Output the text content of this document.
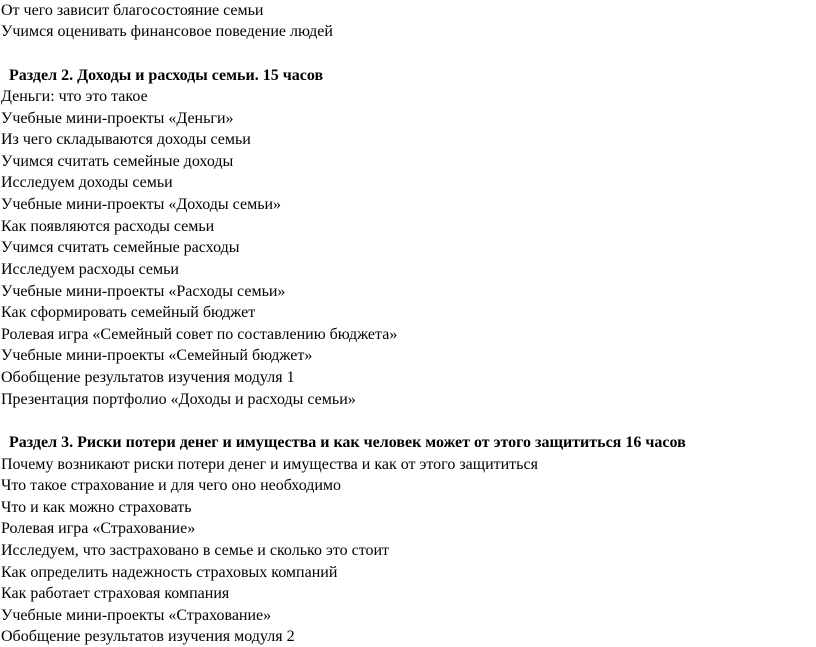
От чего зависит благосостояние семьи

Учимся оценивать финансовое поведение людей

Раздел 2. Доходы и расходы семьи. 15 часов

Деньги: что это такое

Учебные мини-проекты «Деньги»

Из чего складываются доходы семьи

Учимся считать семейные доходы

Исследуем доходы семьи

Учебные мини-проекты «Доходы семьи»

Как появляются расходы семьи

Учимся считать семейные расходы

Исследуем расходы семьи

Учебные мини-проекты «Расходы семьи»

Как сформировать семейный бюджет

Ролевая игра «Семейный совет по составлению бюджета»

Учебные мини-проекты «Семейный бюджет»

Обобщение результатов изучения модуля 1

Презентация портфолио «Доходы и расходы семьи»

Раздел 3. Риски потери денег и имущества и как человек может от этого защититься 16 часов

Почему возникают риски потери денег и имущества и как от этого защититься

Что такое страхование и для чего оно необходимо

Что и как можно страховать

Ролевая игра «Страхование»

Исследуем, что застраховано в семье и сколько это стоит

Как определить надежность страховых компаний

Как работает страховая компания

Учебные мини-проекты «Страхование»

Обобщение результатов изучения модуля 2
